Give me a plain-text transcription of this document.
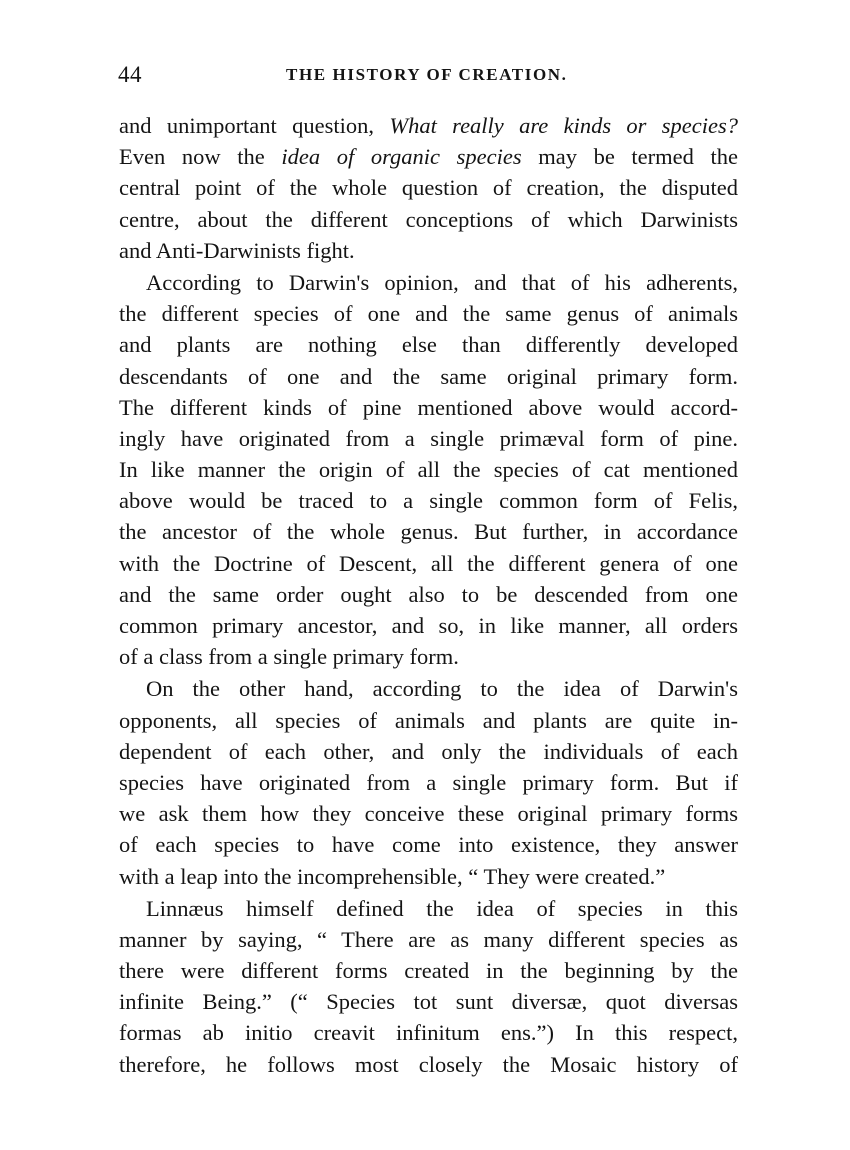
44	THE HISTORY OF CREATION.
and unimportant question, What really are kinds or species?
Even now the idea of organic species may be termed the
central point of the whole question of creation, the disputed
centre, about the different conceptions of which Darwinists
and Anti-Darwinists fight.
According to Darwin's opinion, and that of his adherents,
the different species of one and the same genus of animals
and plants are nothing else than differently developed
descendants of one and the same original primary form.
The different kinds of pine mentioned above would accord-
ingly have originated from a single primæval form of pine.
In like manner the origin of all the species of cat mentioned
above would be traced to a single common form of Felis,
the ancestor of the whole genus. But further, in accordance
with the Doctrine of Descent, all the different genera of one
and the same order ought also to be descended from one
common primary ancestor, and so, in like manner, all orders
of a class from a single primary form.
On the other hand, according to the idea of Darwin's
opponents, all species of animals and plants are quite in-
dependent of each other, and only the individuals of each
species have originated from a single primary form. But if
we ask them how they conceive these original primary forms
of each species to have come into existence, they answer
with a leap into the incomprehensible, “ They were created.”
Linnæus himself defined the idea of species in this
manner by saying, “ There are as many different species as
there were different forms created in the beginning by the
infinite Being.” (“ Species tot sunt diversæ, quot diversas
formas ab initio creavit infinitum ens.”) In this respect,
therefore, he follows most closely the Mosaic history of
